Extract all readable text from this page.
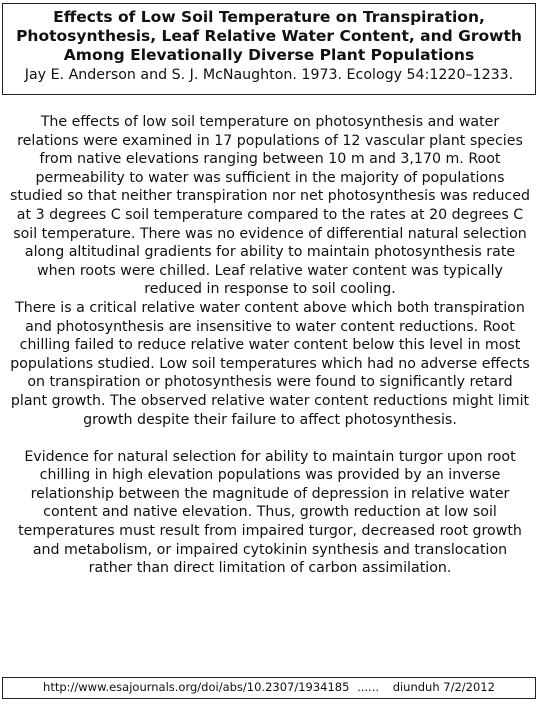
Effects of Low Soil Temperature on Transpiration, Photosynthesis, Leaf Relative Water Content, and Growth Among Elevationally Diverse Plant Populations
Jay E. Anderson and S. J. McNaughton. 1973. Ecology 54:1220–1233.

The effects of low soil temperature on photosynthesis and water relations were examined in 17 populations of 12 vascular plant species from native elevations ranging between 10 m and 3,170 m. Root permeability to water was sufficient in the majority of populations studied so that neither transpiration nor net photosynthesis was reduced at 3 degrees C soil temperature compared to the rates at 20 degrees C soil temperature. There was no evidence of differential natural selection along altitudinal gradients for ability to maintain photosynthesis rate when roots were chilled. Leaf relative water content was typically reduced in response to soil cooling.

There is a critical relative water content above which both transpiration and photosynthesis are insensitive to water content reductions. Root chilling failed to reduce relative water content below this level in most populations studied. Low soil temperatures which had no adverse effects on transpiration or photosynthesis were found to significantly retard plant growth. The observed relative water content reductions might limit growth despite their failure to affect photosynthesis.

Evidence for natural selection for ability to maintain turgor upon root chilling in high elevation populations was provided by an inverse relationship between the magnitude of depression in relative water content and native elevation. Thus, growth reduction at low soil temperatures must result from impaired turgor, decreased root growth and metabolism, or impaired cytokinin synthesis and translocation rather than direct limitation of carbon assimilation.

http://www.esajournals.org/doi/abs/10.2307/1934185 ...... diunduh 7/2/2012
